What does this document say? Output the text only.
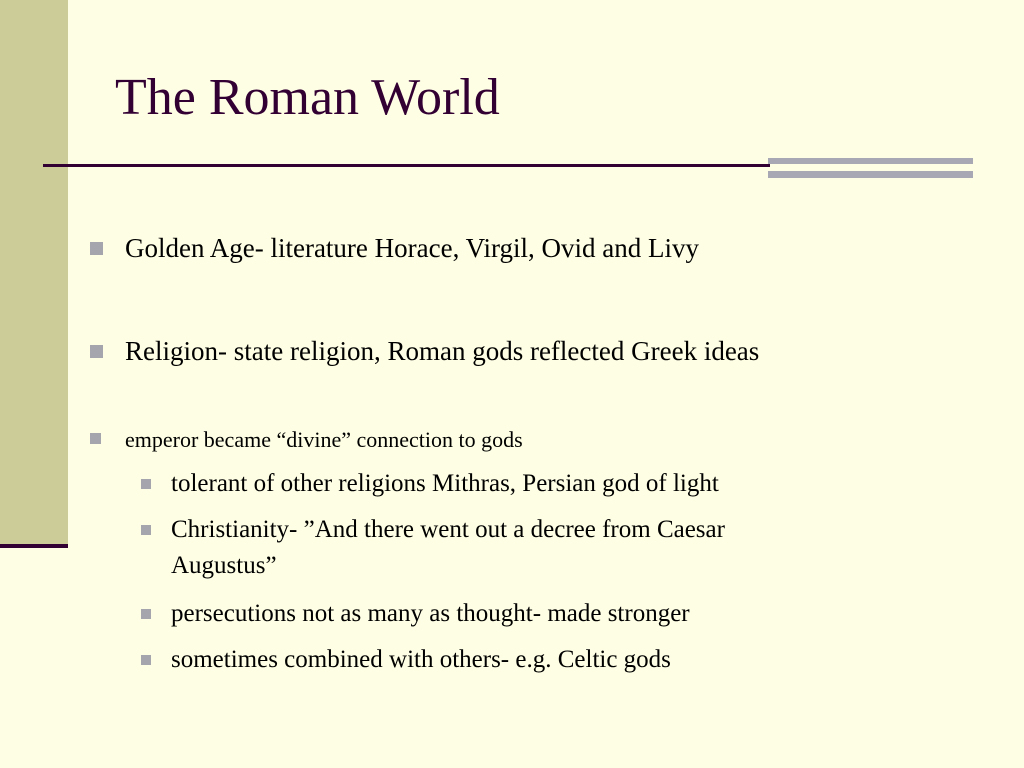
The Roman World
Golden Age- literature Horace, Virgil, Ovid and Livy
Religion- state religion, Roman gods reflected Greek ideas
emperor became “divine” connection to gods
tolerant of other religions Mithras, Persian god of light
Christianity- ”And there went out a decree from Caesar
Augustus”
persecutions not as many as thought- made stronger
sometimes combined with others- e.g. Celtic gods
